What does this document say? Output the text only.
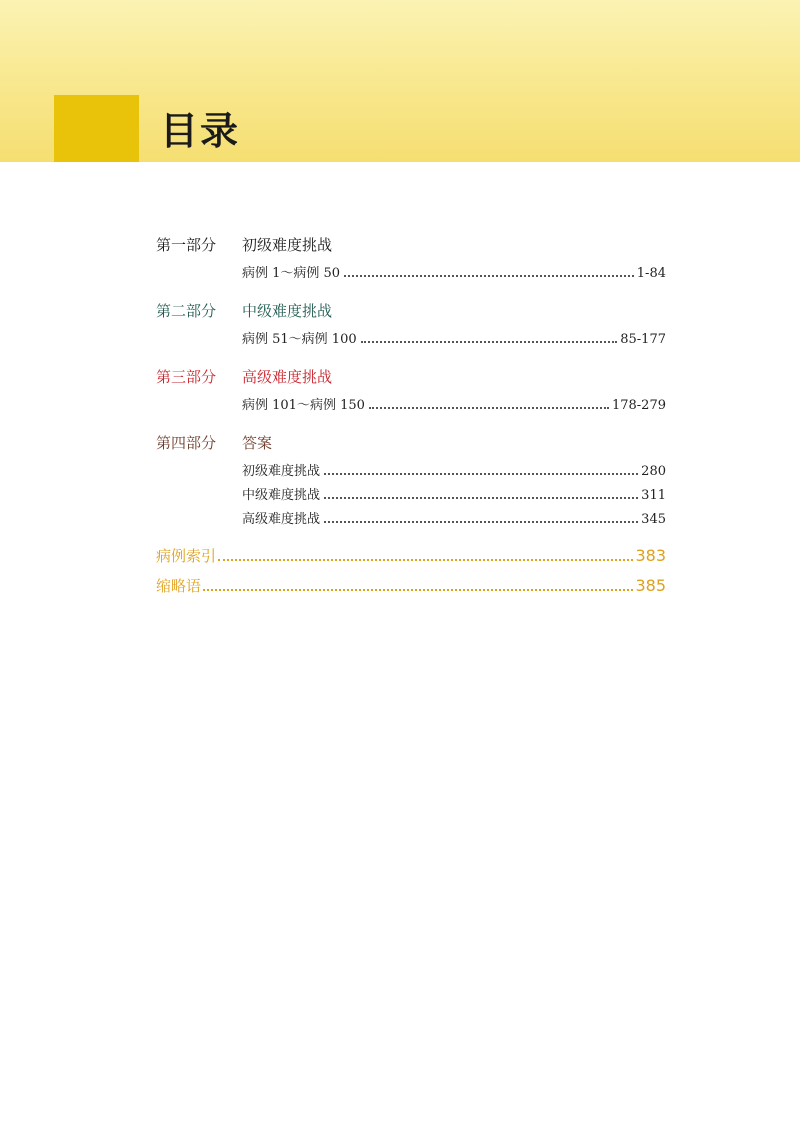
目录
第一部分	初级难度挑战
病例 1～病例 50	1-84
第二部分	中级难度挑战
病例 51～病例 100	85-177
第三部分	高级难度挑战
病例 101～病例 150	178-279
第四部分	答案
初级难度挑战	280
中级难度挑战	311
高级难度挑战	345
病例索引	383
缩略语	385
